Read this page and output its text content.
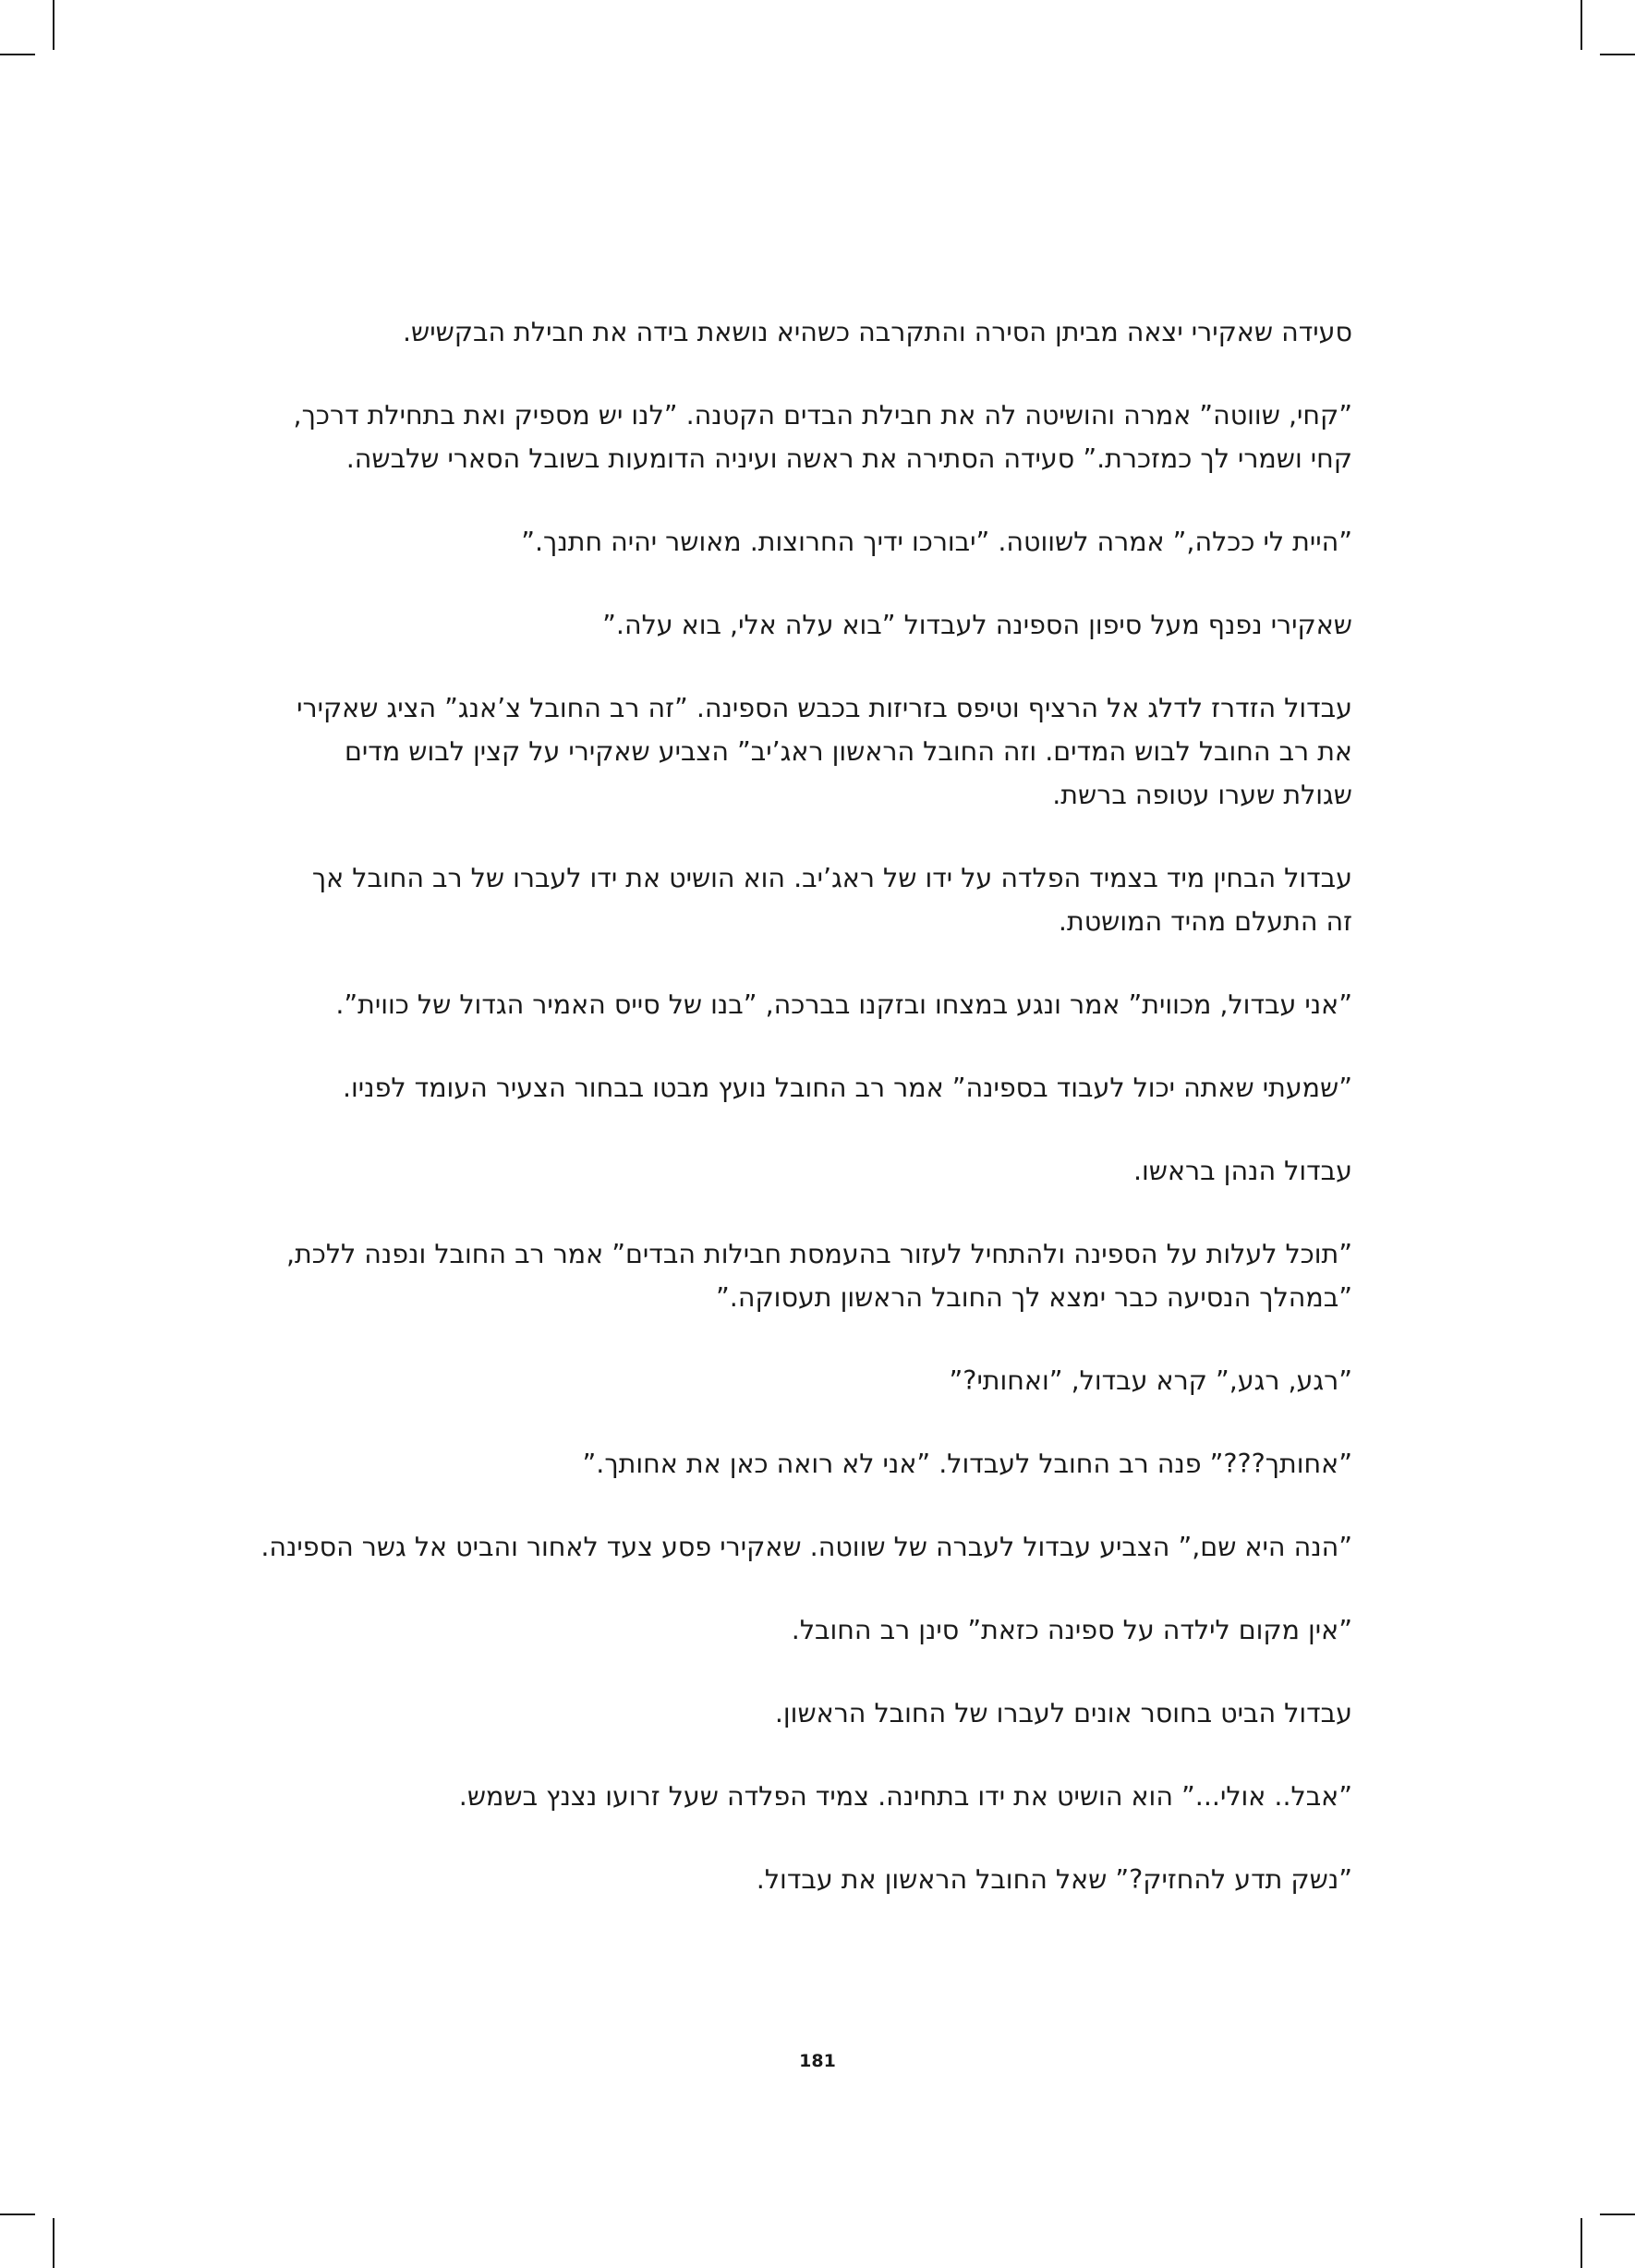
סעידה שאקירי יצאה מביתן הסירה והתקרבה כשהיא נושאת בידה את חבילת הבקשיש.

”קחי, שווטה” אמרה והושיטה לה את חבילת הבדים הקטנה. ”לנו יש מספיק ואת בתחילת דרכך,
קחי ושמרי לך כמזכרת.” סעידה הסתירה את ראשה ועיניה הדומעות בשובל הסארי שלבשה.

”היית לי ככלה,” אמרה לשווטה. ”יבורכו ידיך החרוצות. מאושר יהיה חתנך.”

שאקירי נפנף מעל סיפון הספינה לעבדול ”בוא עלה אלי, בוא עלה.”

עבדול הזדרז לדלג אל הרציף וטיפס בזריזות בכבש הספינה. ”זה רב החובל צ’אנג” הציג שאקירי
את רב החובל לבוש המדים. וזה החובל הראשון ראג’יב” הצביע שאקירי על קצין לבוש מדים
שגולת שערו עטופה ברשת.

עבדול הבחין מיד בצמיד הפלדה על ידו של ראג’יב. הוא הושיט את ידו לעברו של רב החובל אך
זה התעלם מהיד המושטת.

”אני עבדול, מכווית” אמר ונגע במצחו ובזקנו בברכה, ”בנו של סייס האמיר הגדול של כווית”.

”שמעתי שאתה יכול לעבוד בספינה” אמר רב החובל נועץ מבטו בבחור הצעיר העומד לפניו.

עבדול הנהן בראשו.

”תוכל לעלות על הספינה ולהתחיל לעזור בהעמסת חבילות הבדים” אמר רב החובל ונפנה ללכת,
”במהלך הנסיעה כבר ימצא לך החובל הראשון תעסוקה.”

”רגע, רגע,” קרא עבדול, ”ואחותי?”

”אחותך???” פנה רב החובל לעבדול. ”אני לא רואה כאן את אחותך.”

”הנה היא שם,” הצביע עבדול לעברה של שווטה. שאקירי פסע צעד לאחור והביט אל גשר הספינה.

”אין מקום לילדה על ספינה כזאת” סינן רב החובל.

עבדול הביט בחוסר אונים לעברו של החובל הראשון.

”אבל.. אולי...” הוא הושיט את ידו בתחינה. צמיד הפלדה שעל זרועו נצנץ בשמש.

”נשק תדע להחזיק?” שאל החובל הראשון את עבדול.

181
